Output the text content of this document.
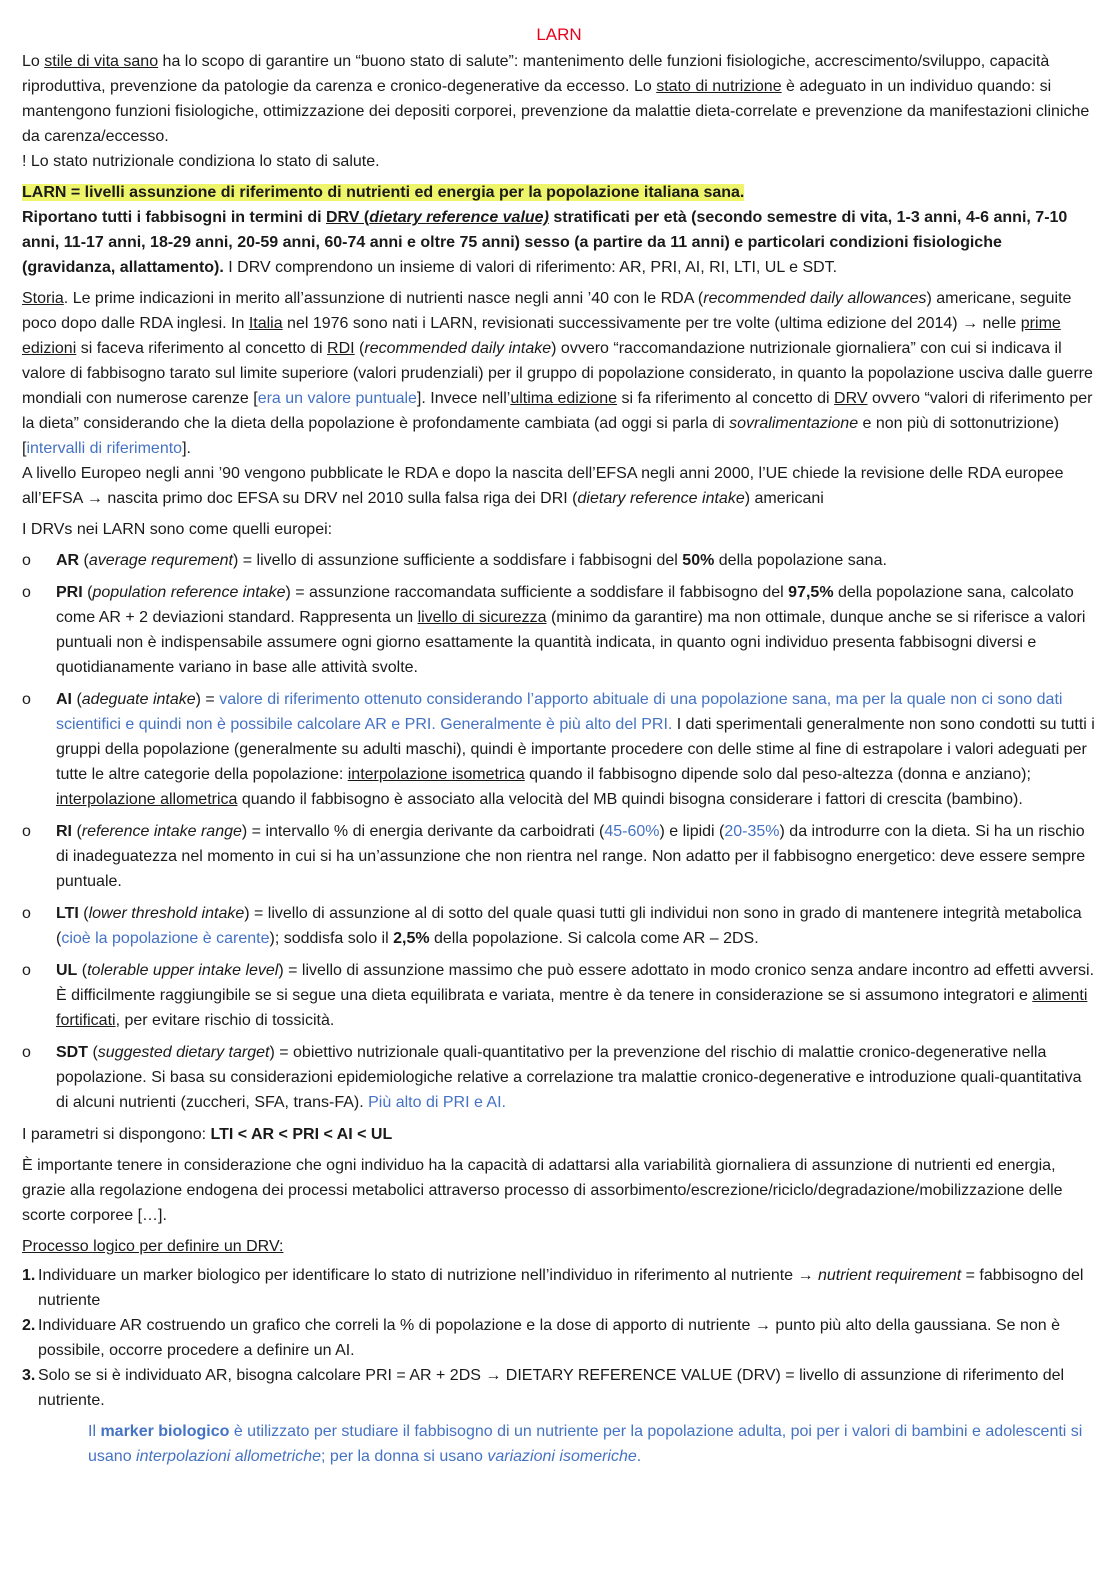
LARN

Lo stile di vita sano ha lo scopo di garantire un “buono stato di salute”: mantenimento delle funzioni fisiologiche, accrescimento/sviluppo, capacità riproduttiva, prevenzione da patologie da carenza e cronico-degenerative da eccesso. Lo stato di nutrizione è adeguato in un individuo quando: si mantengono funzioni fisiologiche, ottimizzazione dei depositi corporei, prevenzione da malattie dieta-correlate e prevenzione da manifestazioni cliniche da carenza/eccesso.
! Lo stato nutrizionale condiziona lo stato di salute.

LARN = livelli assunzione di riferimento di nutrienti ed energia per la popolazione italiana sana.
Riportano tutti i fabbisogni in termini di DRV (dietary reference value) stratificati per età (secondo semestre di vita, 1-3 anni, 4-6 anni, 7-10 anni, 11-17 anni, 18-29 anni, 20-59 anni, 60-74 anni e oltre 75 anni) sesso (a partire da 11 anni) e particolari condizioni fisiologiche (gravidanza, allattamento). I DRV comprendono un insieme di valori di riferimento: AR, PRI, AI, RI, LTI, UL e SDT.

Storia. Le prime indicazioni in merito all’assunzione di nutrienti nasce negli anni ’40 con le RDA (recommended daily allowances) americane, seguite poco dopo dalle RDA inglesi. In Italia nel 1976 sono nati i LARN, revisionati successivamente per tre volte (ultima edizione del 2014) → nelle prime edizioni si faceva riferimento al concetto di RDI (recommended daily intake) ovvero “raccomandazione nutrizionale giornaliera” con cui si indicava il valore di fabbisogno tarato sul limite superiore (valori prudenziali) per il gruppo di popolazione considerato, in quanto la popolazione usciva dalle guerre mondiali con numerose carenze [era un valore puntuale]. Invece nell’ultima edizione si fa riferimento al concetto di DRV ovvero “valori di riferimento per la dieta” considerando che la dieta della popolazione è profondamente cambiata (ad oggi si parla di sovralimentazione e non più di sottonutrizione) [intervalli di riferimento].
A livello Europeo negli anni ’90 vengono pubblicate le RDA e dopo la nascita dell’EFSA negli anni 2000, l’UE chiede la revisione delle RDA europee all’EFSA → nascita primo doc EFSA su DRV nel 2010 sulla falsa riga dei DRI (dietary reference intake) americani

I DRVs nei LARN sono come quelli europei:

o AR (average requrement) = livello di assunzione sufficiente a soddisfare i fabbisogni del 50% della popolazione sana.
o PRI (population reference intake) = assunzione raccomandata sufficiente a soddisfare il fabbisogno del 97,5% della popolazione sana, calcolato come AR + 2 deviazioni standard. Rappresenta un livello di sicurezza (minimo da garantire) ma non ottimale, dunque anche se si riferisce a valori puntuali non è indispensabile assumere ogni giorno esattamente la quantità indicata, in quanto ogni individuo presenta fabbisogni diversi e quotidianamente variano in base alle attività svolte.
o AI (adeguate intake) = valore di riferimento ottenuto considerando l’apporto abituale di una popolazione sana, ma per la quale non ci sono dati scientifici e quindi non è possibile calcolare AR e PRI. Generalmente è più alto del PRI. I dati sperimentali generalmente non sono condotti su tutti i gruppi della popolazione (generalmente su adulti maschi), quindi è importante procedere con delle stime al fine di estrapolare i valori adeguati per tutte le altre categorie della popolazione: interpolazione isometrica quando il fabbisogno dipende solo dal peso-altezza (donna e anziano); interpolazione allometrica quando il fabbisogno è associato alla velocità del MB quindi bisogna considerare i fattori di crescita (bambino).
o RI (reference intake range) = intervallo % di energia derivante da carboidrati (45-60%) e lipidi (20-35%) da introdurre con la dieta. Si ha un rischio di inadeguatezza nel momento in cui si ha un’assunzione che non rientra nel range. Non adatto per il fabbisogno energetico: deve essere sempre puntuale.
o LTI (lower threshold intake) = livello di assunzione al di sotto del quale quasi tutti gli individui non sono in grado di mantenere integrità metabolica (cioè la popolazione è carente); soddisfa solo il 2,5% della popolazione. Si calcola come AR – 2DS.
o UL (tolerable upper intake level) = livello di assunzione massimo che può essere adottato in modo cronico senza andare incontro ad effetti avversi. È difficilmente raggiungibile se si segue una dieta equilibrata e variata, mentre è da tenere in considerazione se si assumono integratori e alimenti fortificati, per evitare rischio di tossicità.
o SDT (suggested dietary target) = obiettivo nutrizionale quali-quantitativo per la prevenzione del rischio di malattie cronico-degenerative nella popolazione. Si basa su considerazioni epidemiologiche relative a correlazione tra malattie cronico-degenerative e introduzione quali-quantitativa di alcuni nutrienti (zuccheri, SFA, trans-FA). Più alto di PRI e AI.

I parametri si dispongono: LTI < AR < PRI < AI < UL

È importante tenere in considerazione che ogni individuo ha la capacità di adattarsi alla variabilità giornaliera di assunzione di nutrienti ed energia, grazie alla regolazione endogena dei processi metabolici attraverso processo di assorbimento/escrezione/riciclo/degradazione/mobilizzazione delle scorte corporee […].

Processo logico per definire un DRV:

1. Individuare un marker biologico per identificare lo stato di nutrizione nell’individuo in riferimento al nutriente → nutrient requirement = fabbisogno del nutriente
2. Individuare AR costruendo un grafico che correli la % di popolazione e la dose di apporto di nutriente → punto più alto della gaussiana. Se non è possibile, occorre procedere a definire un AI.
3. Solo se si è individuato AR, bisogna calcolare PRI = AR + 2DS → DIETARY REFERENCE VALUE (DRV) = livello di assunzione di riferimento del nutriente.

Il marker biologico è utilizzato per studiare il fabbisogno di un nutriente per la popolazione adulta, poi per i valori di bambini e adolescenti si usano interpolazioni allometriche; per la donna si usano variazioni isomeriche.
